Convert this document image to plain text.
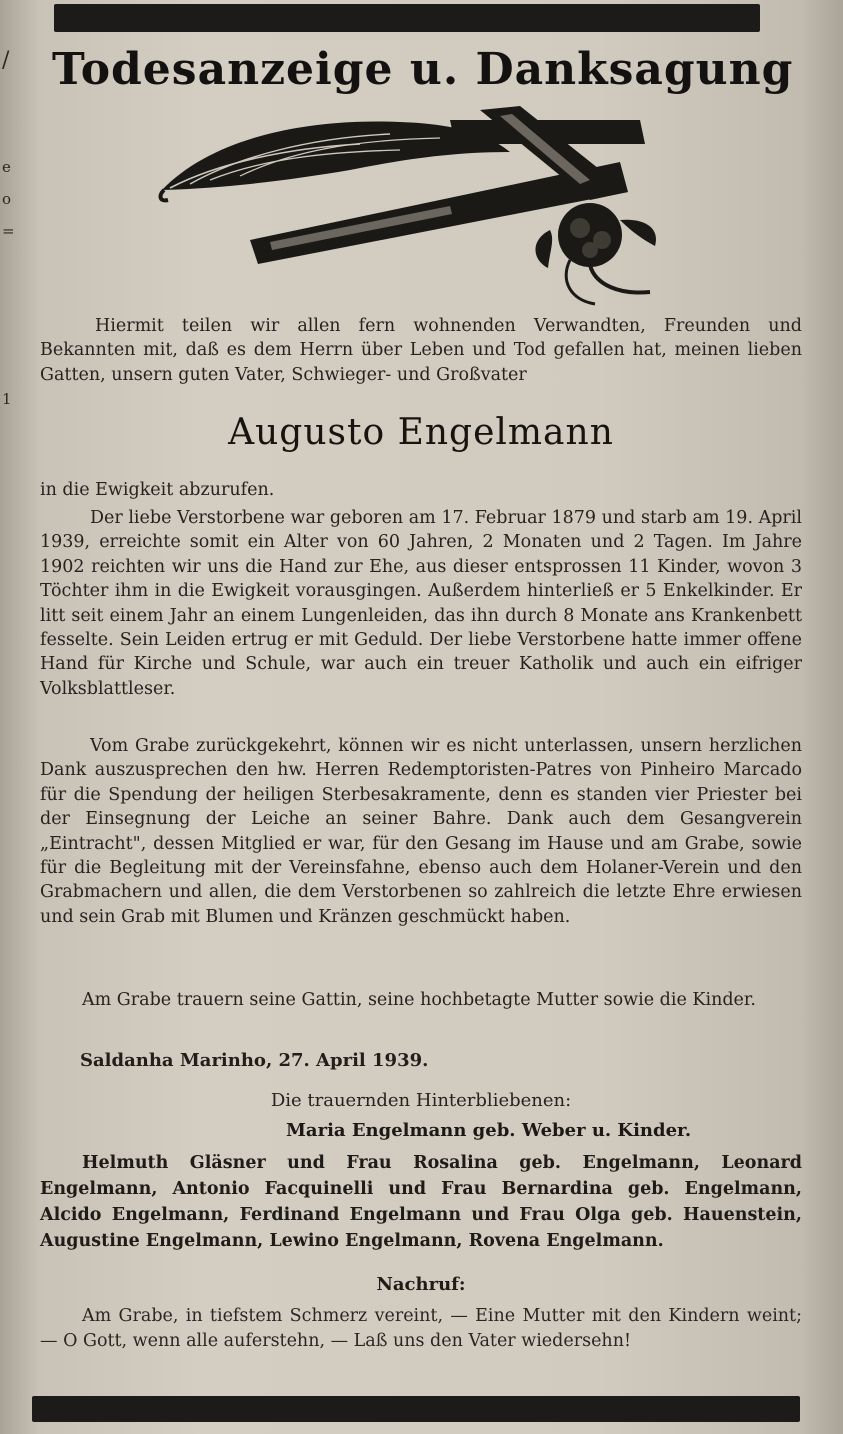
/
e
o
=
1
Todesanzeige u. Danksagung
Hiermit teilen wir allen fern wohnenden Verwandten, Freunden und Bekannten mit, daß es dem Herrn über Leben und Tod gefallen hat, meinen lieben Gatten, unsern guten Vater, Schwieger- und Großvater
Augusto Engelmann
in die Ewigkeit abzurufen.
Der liebe Verstorbene war geboren am 17. Februar 1879 und starb am 19. April 1939, erreichte somit ein Alter von 60 Jahren, 2 Monaten und 2 Tagen. Im Jahre 1902 reichten wir uns die Hand zur Ehe, aus dieser entsprossen 11 Kinder, wovon 3 Töchter ihm in die Ewigkeit vorausgingen. Außerdem hinterließ er 5 Enkelkinder. Er litt seit einem Jahr an einem Lungenleiden, das ihn durch 8 Monate ans Krankenbett fesselte. Sein Leiden ertrug er mit Geduld. Der liebe Verstorbene hatte immer offene Hand für Kirche und Schule, war auch ein treuer Katholik und auch ein eifriger Volksblattleser.
Vom Grabe zurückgekehrt, können wir es nicht unterlassen, unsern herzlichen Dank auszusprechen den hw. Herren Redemptoristen-Patres von Pinheiro Marcado für die Spendung der heiligen Sterbesakramente, denn es standen vier Priester bei der Einsegnung der Leiche an seiner Bahre. Dank auch dem Gesangverein „Eintracht", dessen Mitglied er war, für den Gesang im Hause und am Grabe, sowie für die Begleitung mit der Vereinsfahne, ebenso auch dem Holaner-Verein und den Grabmachern und allen, die dem Verstorbenen so zahlreich die letzte Ehre erwiesen und sein Grab mit Blumen und Kränzen geschmückt haben.
Am Grabe trauern seine Gattin, seine hochbetagte Mutter sowie die Kinder.
Saldanha Marinho, 27. April 1939.
Die trauernden Hinterbliebenen:
Maria Engelmann geb. Weber u. Kinder.
Helmuth Gläsner und Frau Rosalina geb. Engelmann, Leonard Engelmann, Antonio Facquinelli und Frau Bernardina geb. Engelmann, Alcido Engelmann, Ferdinand Engelmann und Frau Olga geb. Hauenstein, Augustine Engelmann, Lewino Engelmann, Rovena Engelmann.
Nachruf:
Am Grabe, in tiefstem Schmerz vereint, — Eine Mutter mit den Kindern weint; — O Gott, wenn alle auferstehn, — Laß uns den Vater wiedersehn!
